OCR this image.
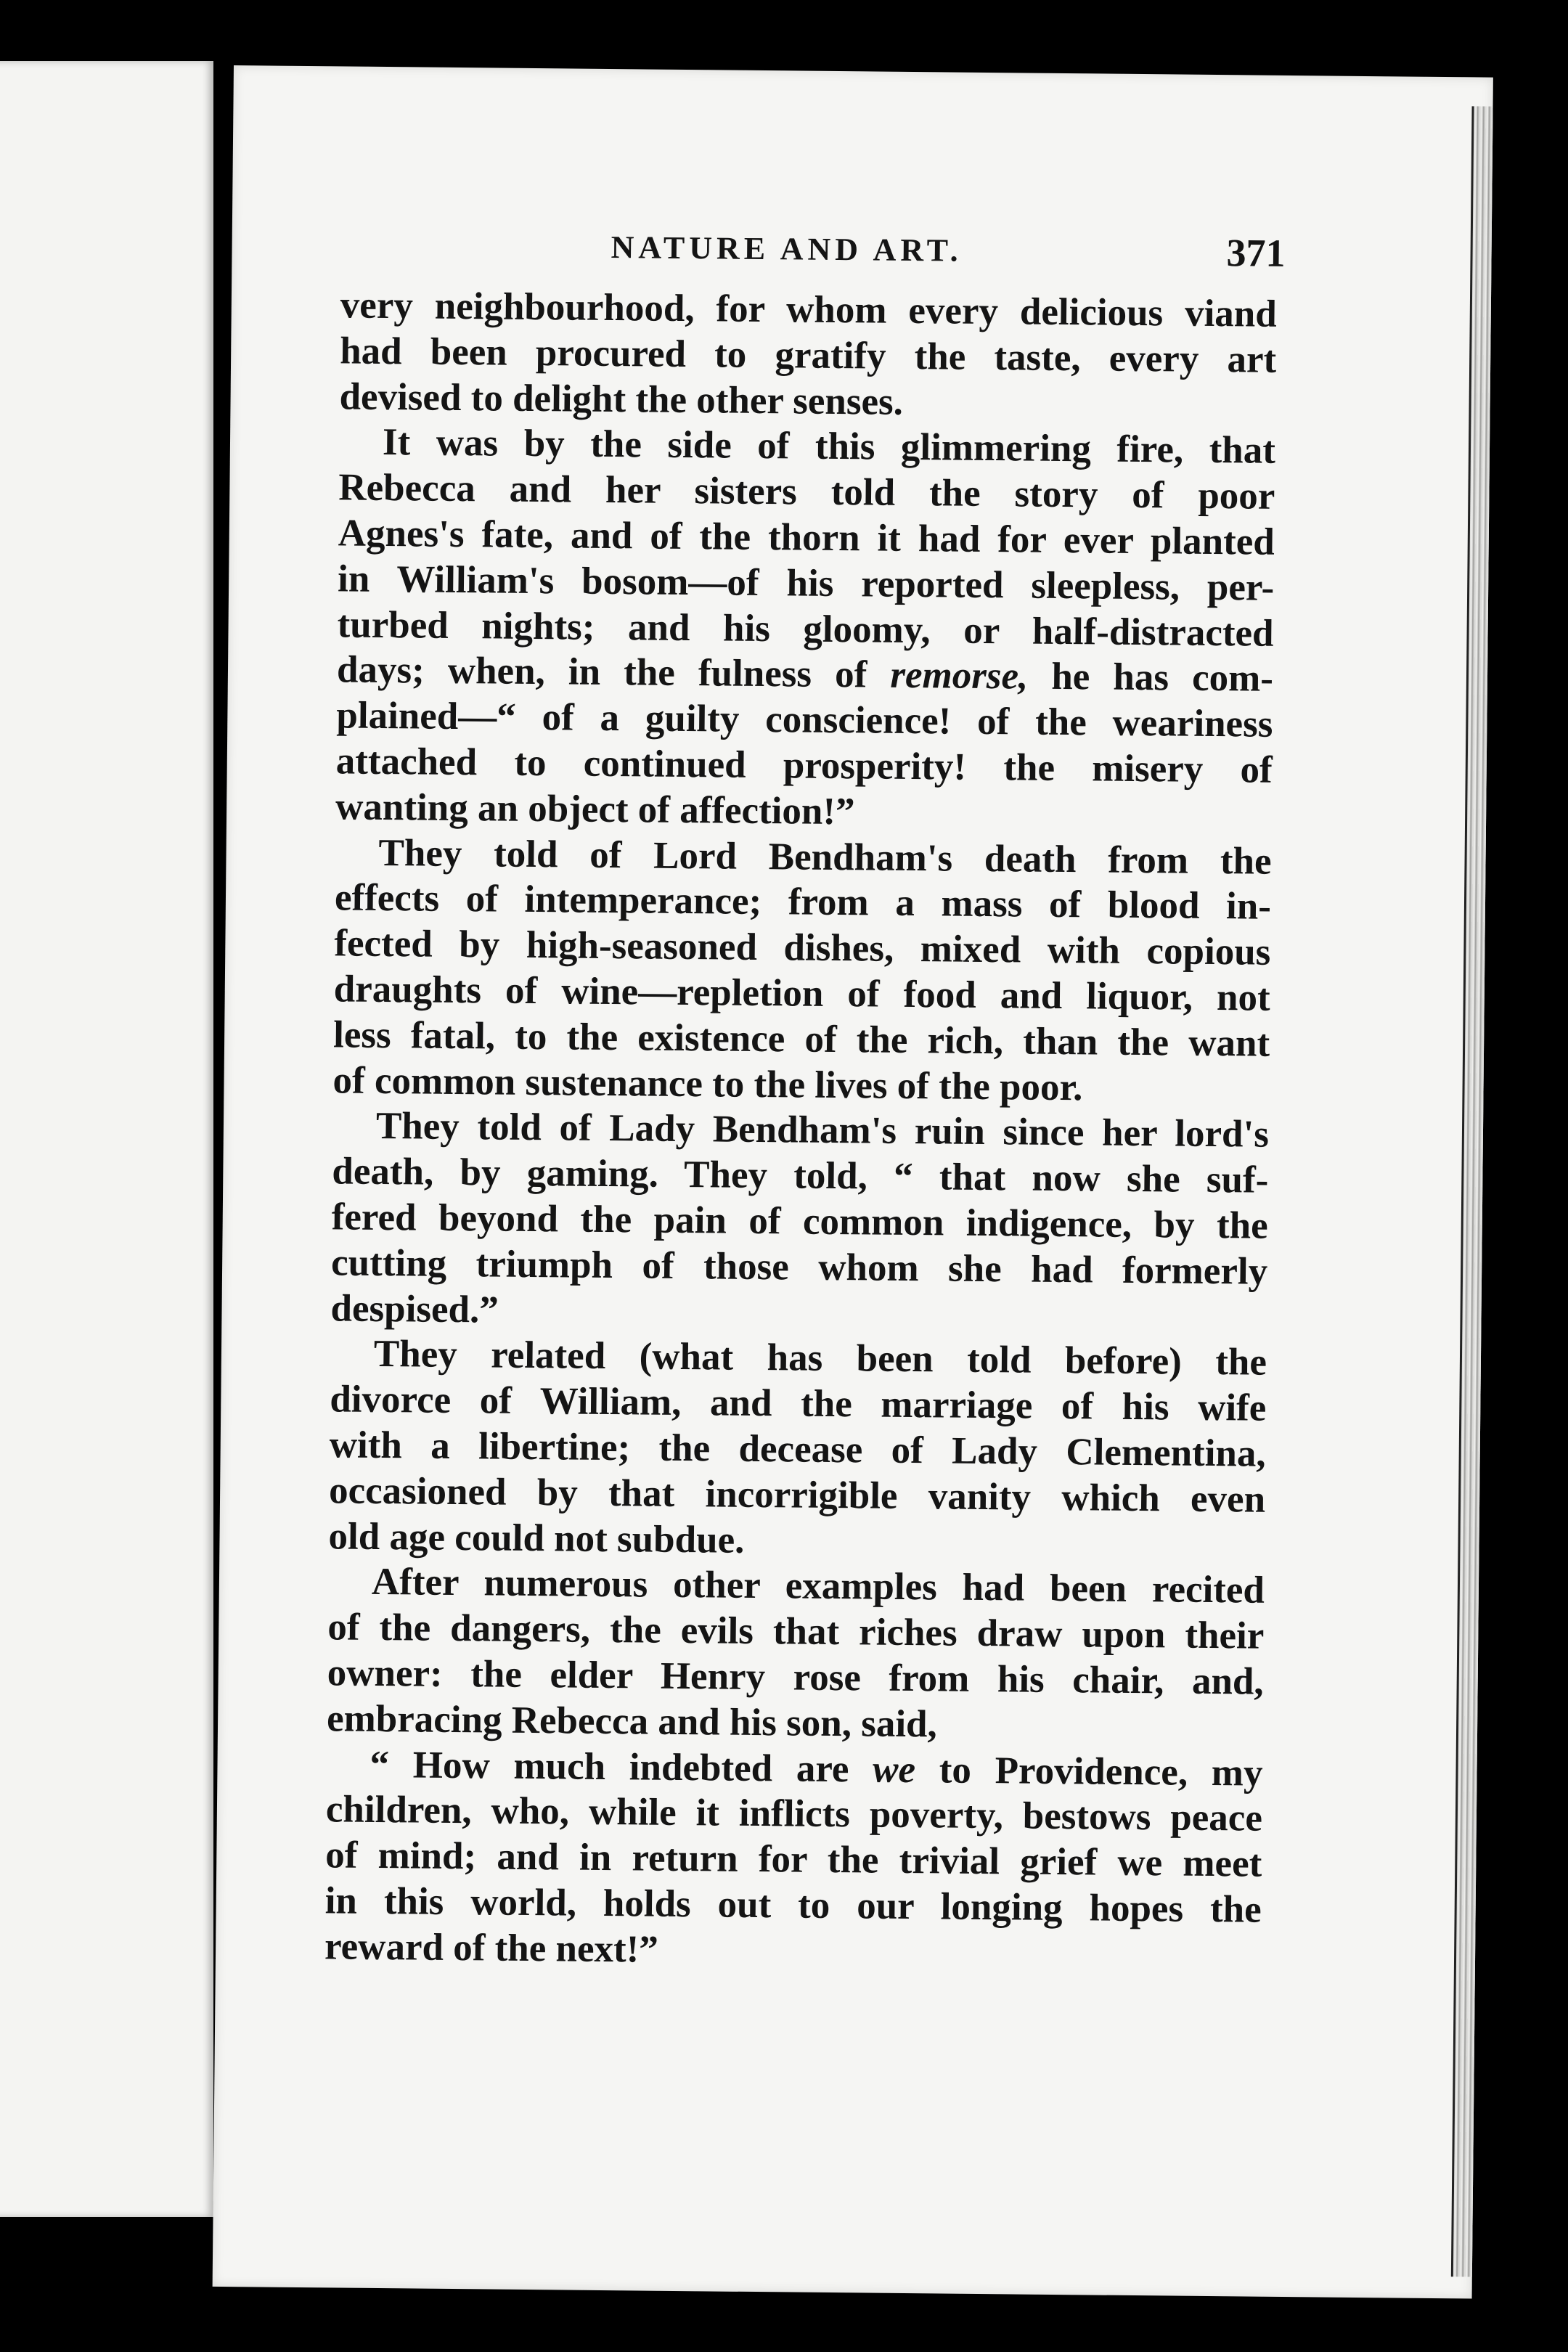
NATURE AND ART.	371
very neighbourhood, for whom every delicious viand
had been procured to gratify the taste, every art
devised to delight the other senses.
It was by the side of this glimmering fire, that
Rebecca and her sisters told the story of poor
Agnes's fate, and of the thorn it had for ever planted
in William's bosom—of his reported sleepless, per-
turbed nights; and his gloomy, or half-distracted
days; when, in the fulness of remorse, he has com-
plained—“ of a guilty conscience! of the weariness
attached to continued prosperity! the misery of
wanting an object of affection!”
They told of Lord Bendham's death from the
effects of intemperance; from a mass of blood in-
fected by high-seasoned dishes, mixed with copious
draughts of wine—repletion of food and liquor, not
less fatal, to the existence of the rich, than the want
of common sustenance to the lives of the poor.
They told of Lady Bendham's ruin since her lord's
death, by gaming. They told, “ that now she suf-
fered beyond the pain of common indigence, by the
cutting triumph of those whom she had formerly
despised.”
They related (what has been told before) the
divorce of William, and the marriage of his wife
with a libertine; the decease of Lady Clementina,
occasioned by that incorrigible vanity which even
old age could not subdue.
After numerous other examples had been recited
of the dangers, the evils that riches draw upon their
owner: the elder Henry rose from his chair, and,
embracing Rebecca and his son, said,
“ How much indebted are we to Providence, my
children, who, while it inflicts poverty, bestows peace
of mind; and in return for the trivial grief we meet
in this world, holds out to our longing hopes the
reward of the next!”
